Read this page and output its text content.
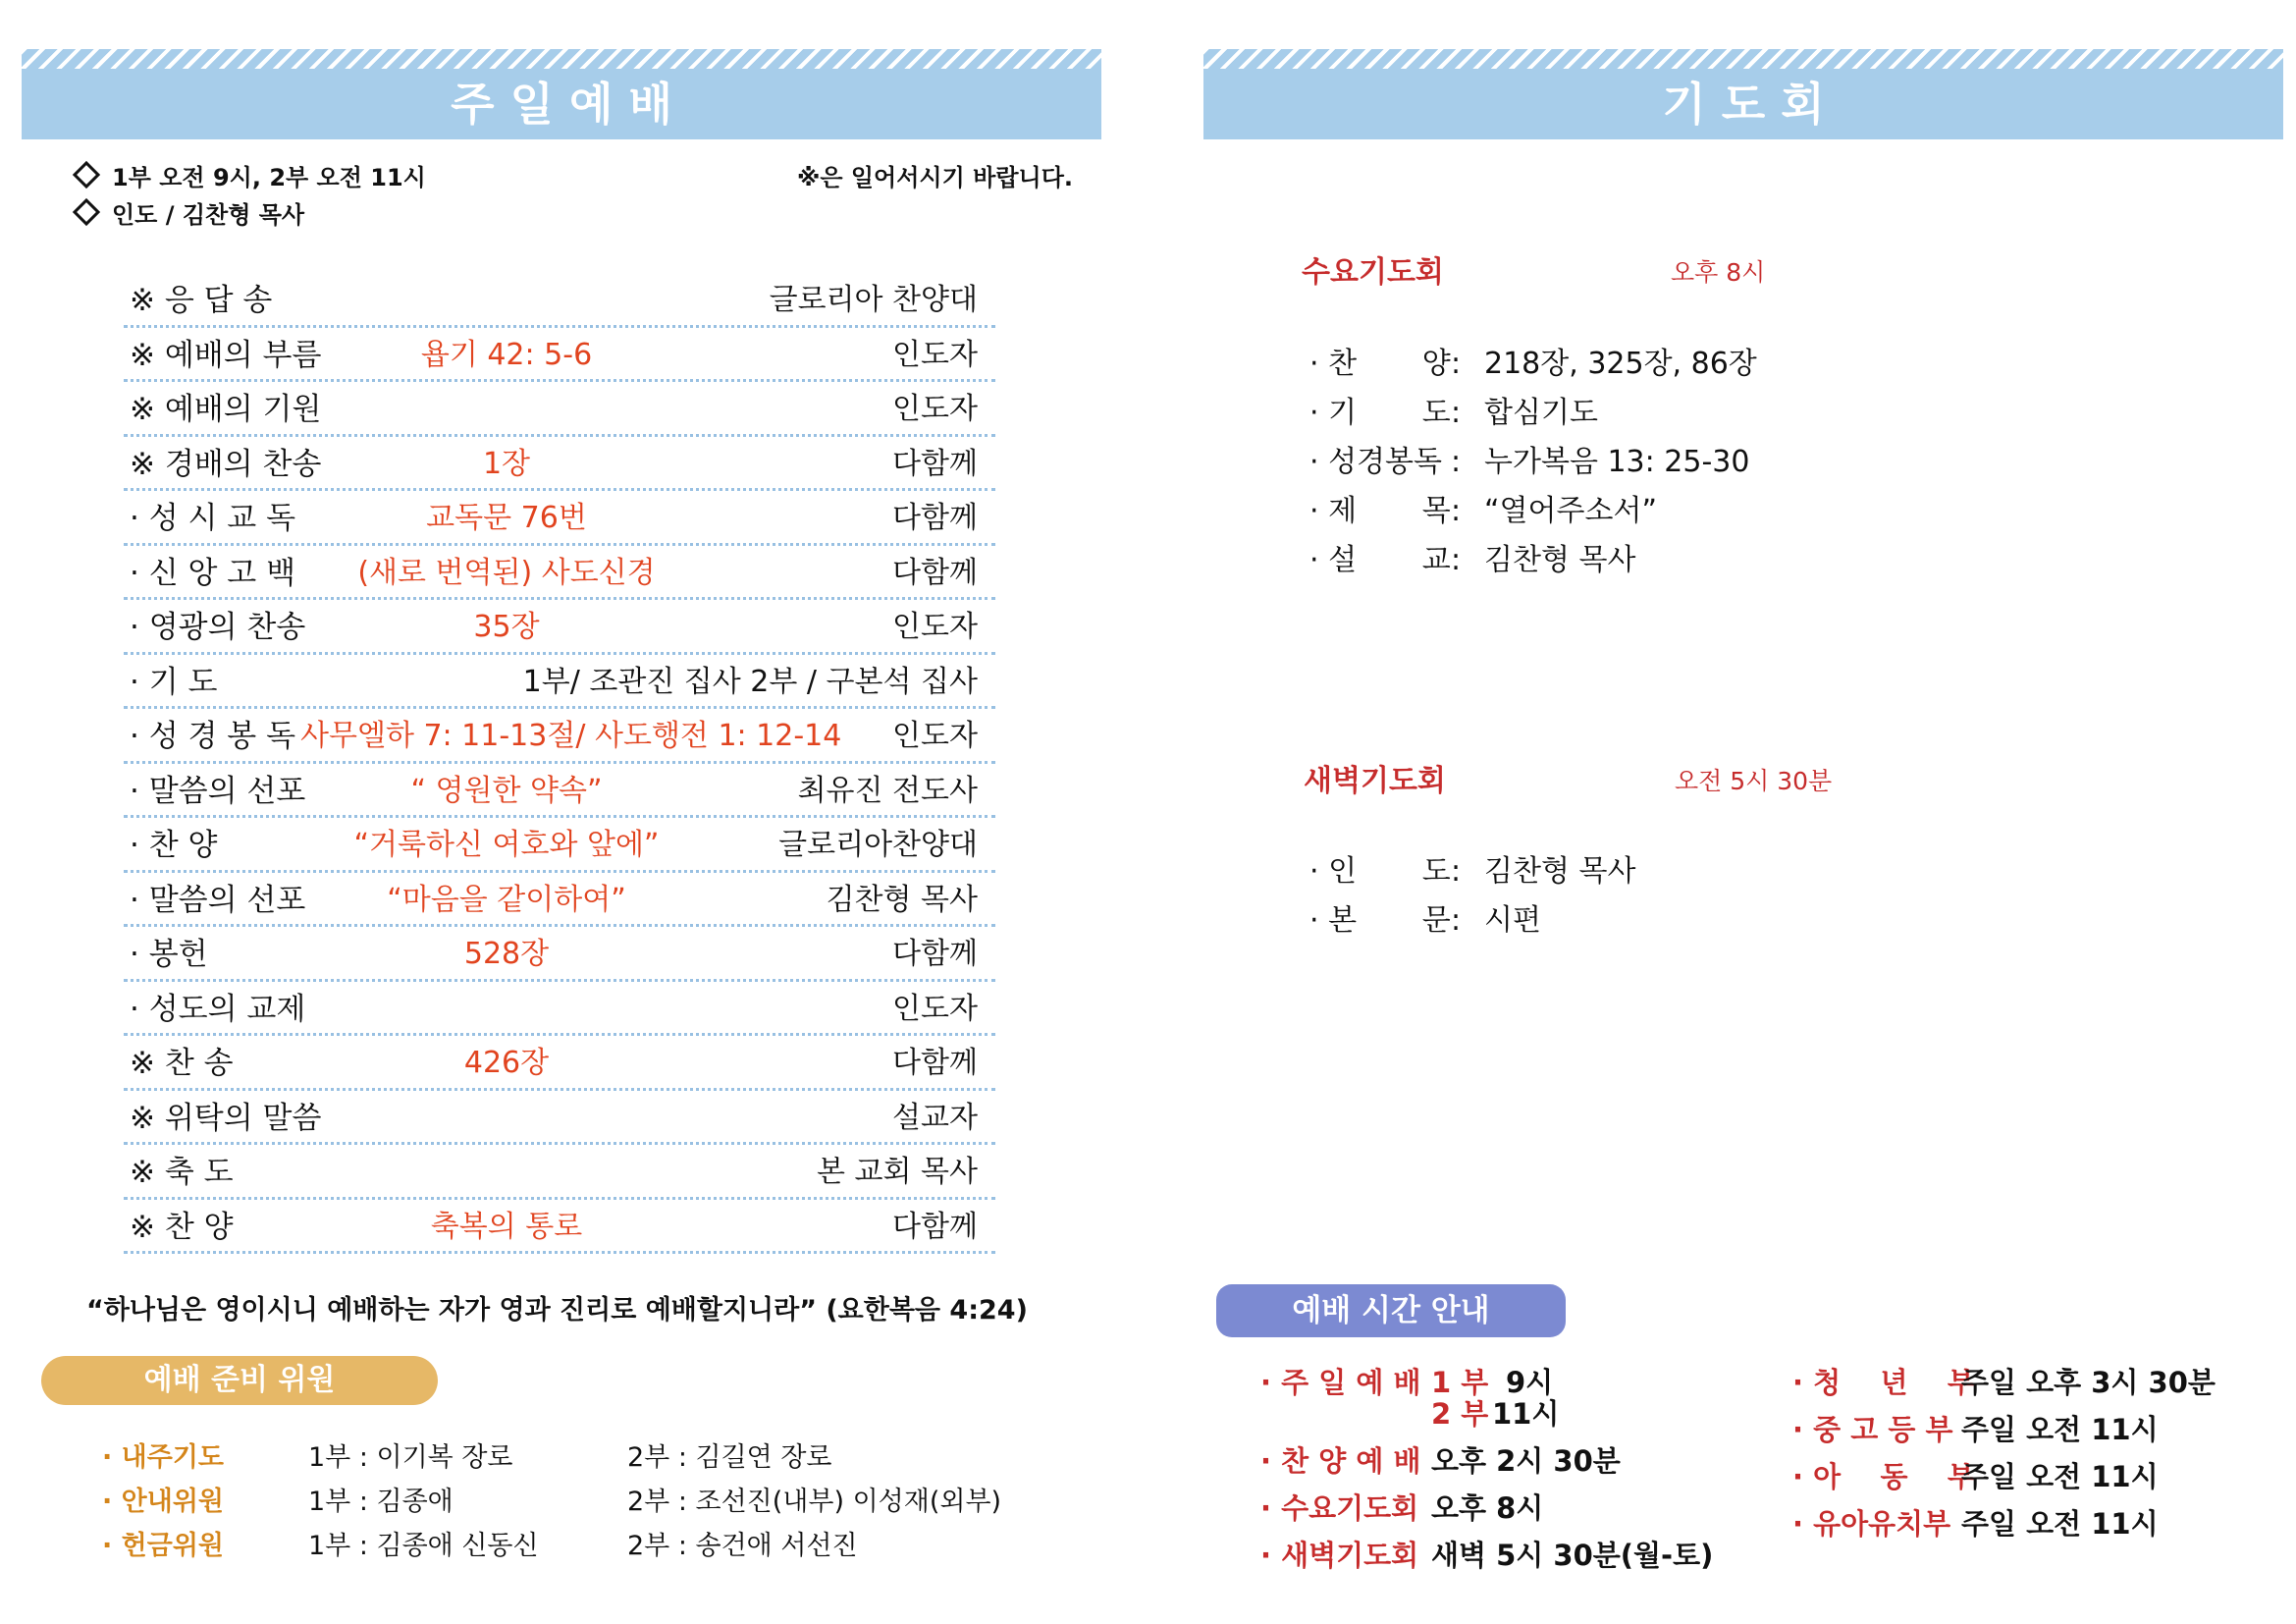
주 일 예 배
1부 오전 9시, 2부 오전 11시
인도 / 김찬형 목사
※은 일어서시기 바랍니다.
※ 응 답 송	글로리아 찬양대
※ 예배의 부름	욥기 42: 5-6	인도자
※ 예배의 기원	인도자
※ 경배의 찬송	1장	다함께
· 성 시 교 독	교독문 76번	다함께
· 신 앙 고 백	(새로 번역된) 사도신경	다함께
· 영광의 찬송	35장	인도자
· 기 도	1부/ 조관진 집사 2부 / 구본석 집사
· 성 경 봉 독 사무엘하 7: 11-13절/ 사도행전 1: 12-14 인도자
· 말씀의 선포	“ 영원한 약속”	최유진 전도사
· 찬 양	“거룩하신 여호와 앞에”	글로리아찬양대
· 말씀의 선포	“마음을 같이하여”	김찬형 목사
· 봉헌	528장	다함께
· 성도의 교제	인도자
※ 찬 송	426장	다함께
※ 위탁의 말씀	설교자
※ 축 도	본 교회 목사
※ 찬 양	축복의 통로	다함께
“하나님은 영이시니 예배하는 자가 영과 진리로 예배할지니라” (요한복음 4:24)
예배 준비 위원
· 내주기도	1부 : 이기복 장로	2부 : 김길연 장로
· 안내위원	1부 : 김종애	2부 : 조선진(내부) 이성재(외부)
· 헌금위원	1부 : 김종애 신동신	2부 : 송건애 서선진
기 도 회
수요기도회	오후 8시
· 찬       양 : 218장, 325장, 86장
· 기       도 : 합심기도
· 성경봉독 : 누가복음 13: 25-30
· 제       목 : “열어주소서”
· 설       교 : 김찬형 목사
새벽기도회	오전 5시 30분
· 인       도 : 김찬형 목사
· 본       문 : 시편
예배 시간 안내
· 주 일 예 배 1 부 9시
2 부 11시
· 찬 양 예 배 오후 2시 30분
· 수요기도회 오후 8시
· 새벽기도회 새벽 5시 30분(월-토)
· 청    년    부
주일 오후 3시 30분
· 중 고 등 부 주일 오전 11시
· 아    동    부
주일 오전 11시
· 유아유치부 주일 오전 11시
